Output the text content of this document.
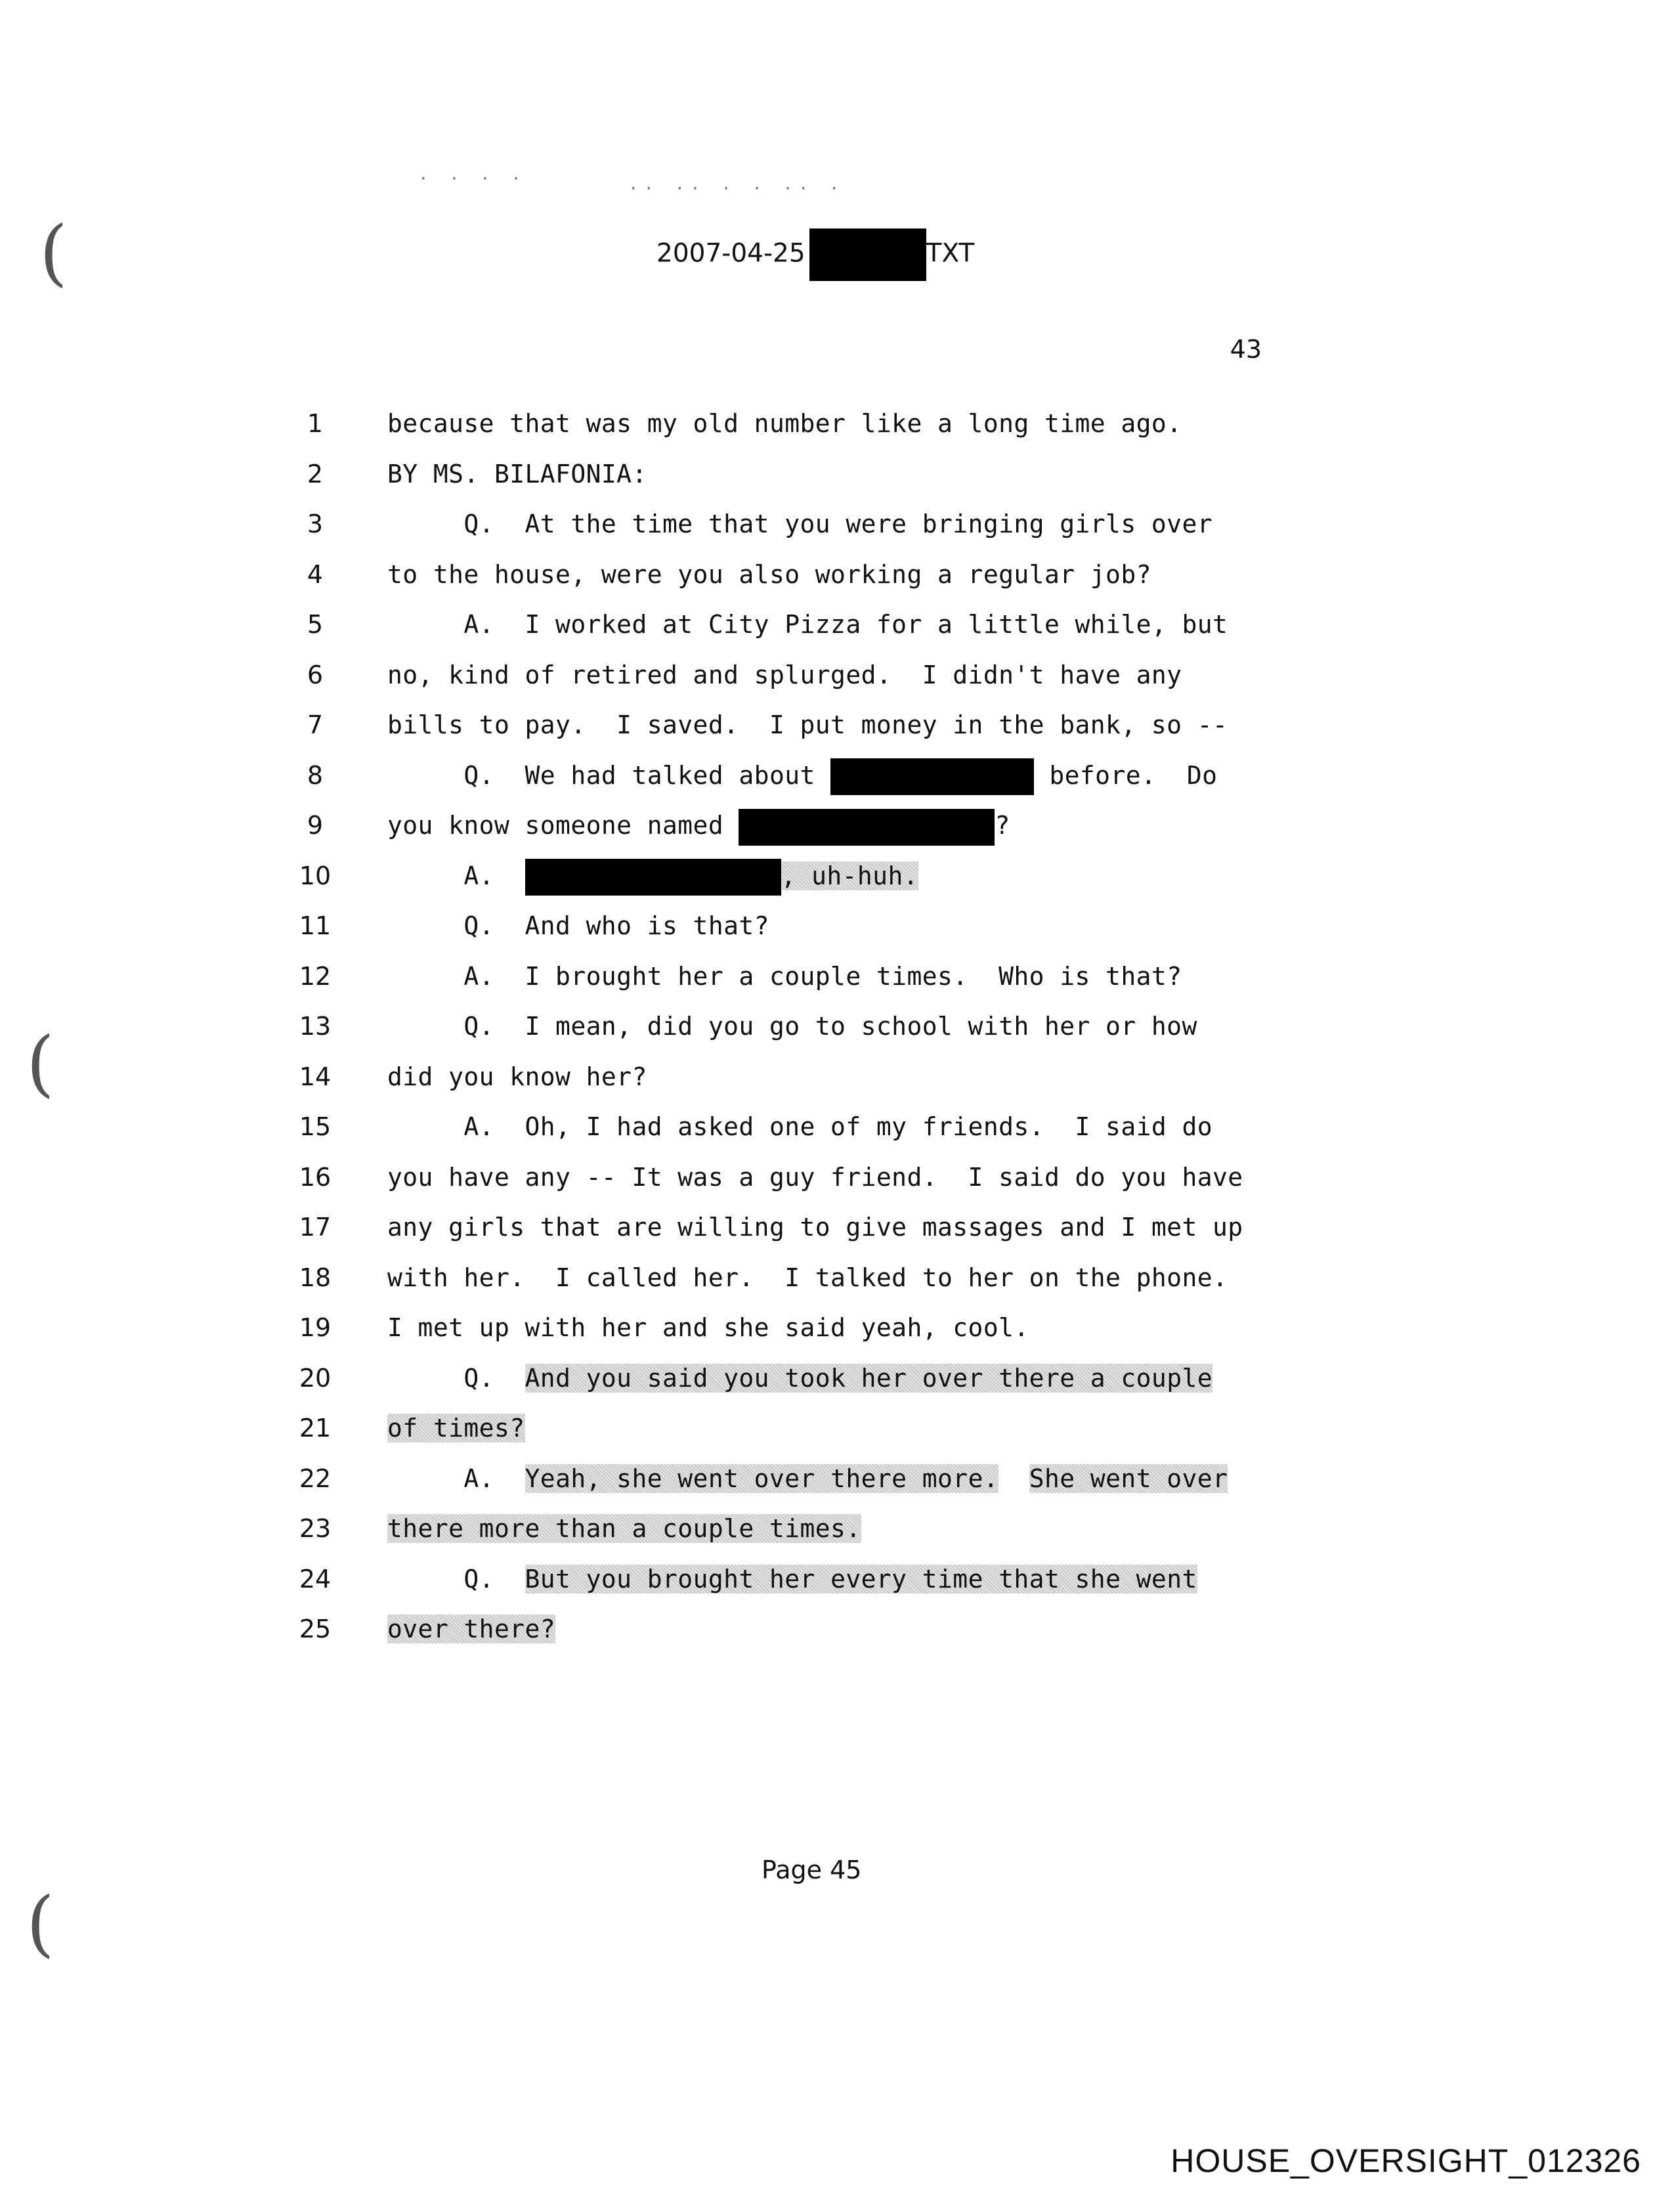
· · · ·	·· ·· · · ·· ·
(
(
(
2007-04-25	TXT
43
1	because that was my old number like a long time ago.
2	BY MS. BILAFONIA:
3	Q.  At the time that you were bringing girls over
4	to the house, were you also working a regular job?
5	A.  I worked at City Pizza for a little while, but
6	no, kind of retired and splurged.  I didn't have any
7	bills to pay.  I saved.  I put money in the bank, so --
8	Q.  We had talked about	before.  Do
9	you know someone named	?
10	A.	, uh-huh.
11	Q.  And who is that?
12	A.  I brought her a couple times.  Who is that?
13	Q.  I mean, did you go to school with her or how
14	did you know her?
15	A.  Oh, I had asked one of my friends.  I said do
16	you have any -- It was a guy friend.  I said do you have
17	any girls that are willing to give massages and I met up
18	with her.  I called her.  I talked to her on the phone.
19	I met up with her and she said yeah, cool.
20	Q.  And you said you took her over there a couple
21	of times?
22	A.  Yeah, she went over there more. She went over
23	there more than a couple times.
24	Q.  But you brought her every time that she went
25	over there?
Page 45
HOUSE_OVERSIGHT_012326
